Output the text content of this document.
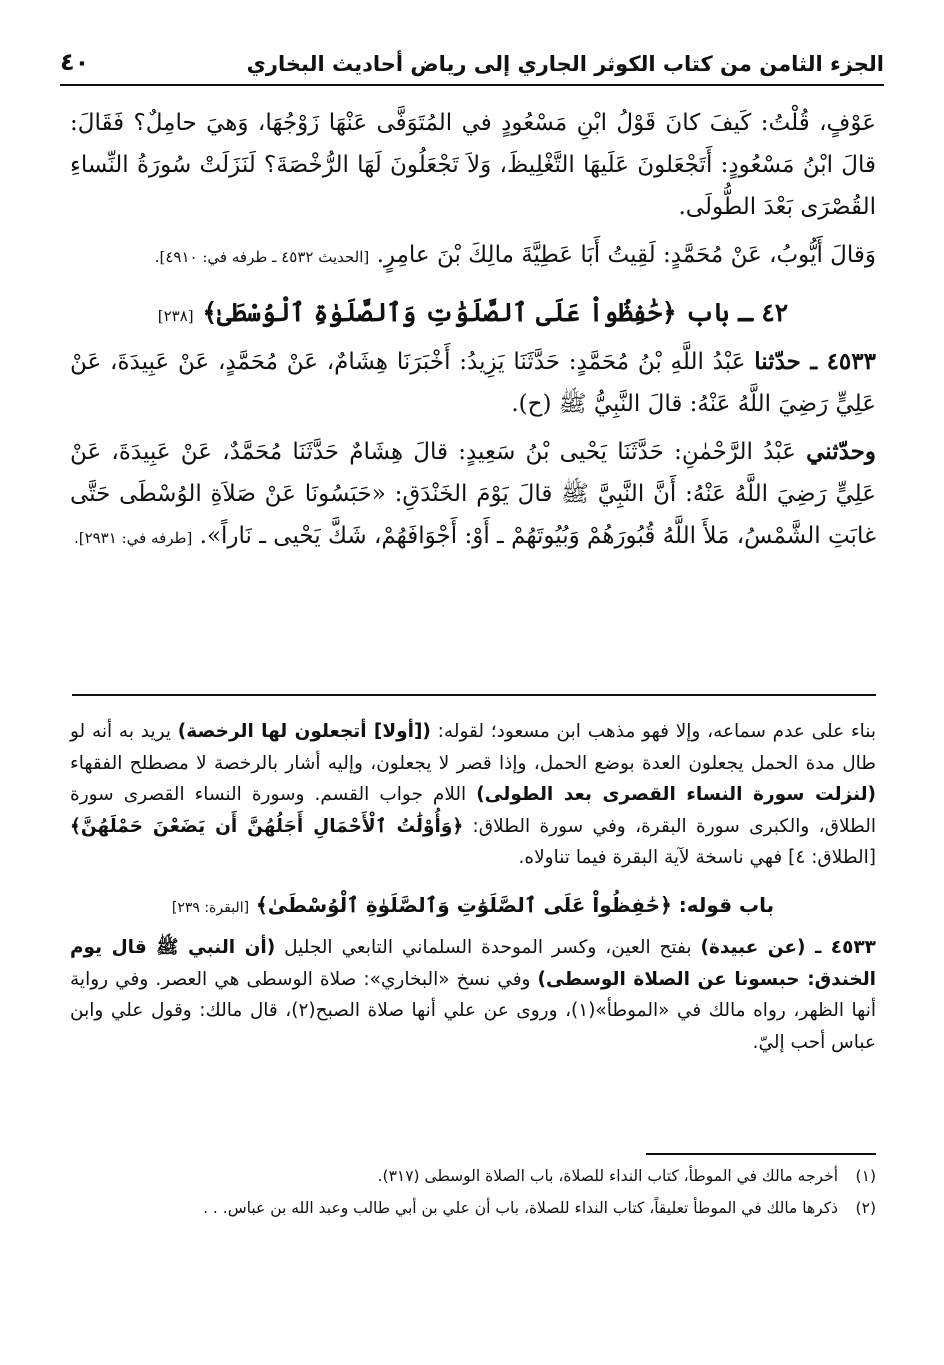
الجزء الثامن من كتاب الكوثر الجاري إلى رياض أحاديث البخاري
٤٠

عَوْفٍ، قُلْتُ: كَيفَ كانَ قَوْلُ ابْنِ مَسْعُودٍ في المُتَوَفَّى عَنْهَا زَوْجُهَا، وَهيَ حامِلٌ؟ فَقَالَ: قالَ ابْنُ مَسْعُودٍ: أَتَجْعَلونَ عَلَيهَا التَّغْلِيظَ، وَلاَ تَجْعَلُونَ لَهَا الرُّخْصَةَ؟ لَنَزَلَتْ سُورَةُ النِّساءِ القُصْرَى بَعْدَ الطُّولَى.

وَقالَ أَيُّوبُ، عَنْ مُحَمَّدٍ: لَقِيتُ أَبَا عَطِيَّةَ مالِكَ بْنَ عامِرٍ. [الحديث ٤٥٣٢ ـ طرفه في: ٤٩١٠].

٤٢ ـ باب ﴿حَٰفِظُواْ عَلَى ٱلصَّلَوَٰتِ وَٱلصَّلَوٰةِ ٱلْوُسْطَىٰ﴾ [٢٣٨]

٤٥٣٣ ـ حدّثنا عَبْدُ اللَّهِ بْنُ مُحَمَّدٍ: حَدَّثَنَا يَزِيدُ: أَخْبَرَنَا هِشَامٌ، عَنْ مُحَمَّدٍ، عَنْ عَبِيدَةَ، عَنْ عَلِيٍّ رَضِيَ اللَّهُ عَنْهُ: قالَ النَّبِيُّ ﷺ (ح).

وحدّثني عَبْدُ الرَّحْمٰنِ: حَدَّثَنَا يَحْيى بْنُ سَعِيدٍ: قالَ هِشَامٌ حَدَّثَنَا مُحَمَّدٌ، عَنْ عَبِيدَةَ، عَنْ عَلِيٍّ رَضِيَ اللَّهُ عَنْهُ: أَنَّ النَّبِيَّ ﷺ قالَ يَوْمَ الخَنْدَقِ: «حَبَسُونَا عَنْ صَلاَةِ الوُسْطَى حَتَّى غابَتِ الشَّمْسُ، مَلأَ اللَّهُ قُبُورَهُمْ وَبُيُوتَهُمْ ـ أَوْ: أَجْوَافَهُمْ، شَكَّ يَحْيى ـ نَاراً». [طرفه في: ٢٩٣١].

بناء على عدم سماعه، وإلا فهو مذهب ابن مسعود؛ لقوله: ([أولا] أتجعلون لها الرخصة) يريد به أنه لو طال مدة الحمل يجعلون العدة بوضع الحمل، وإذا قصر لا يجعلون، وإليه أشار بالرخصة لا مصطلح الفقهاء (لنزلت سورة النساء القصرى بعد الطولى) اللام جواب القسم. وسورة النساء القصرى سورة الطلاق، والكبرى سورة البقرة، وفي سورة الطلاق: ﴿وَأُوْلَٰتُ ٱلْأَحْمَالِ أَجَلُهُنَّ أَن يَضَعْنَ حَمْلَهُنَّ﴾ [الطلاق: ٤] فهي ناسخة لآية البقرة فيما تناولاه.

باب قوله: ﴿حَٰفِظُواْ عَلَى ٱلصَّلَوَٰتِ وَٱلصَّلَوٰةِ ٱلْوُسْطَىٰ﴾ [البقرة: ٢٣٩]

٤٥٣٣ ـ (عن عبيدة) بفتح العين، وكسر الموحدة السلماني التابعي الجليل (أن النبي ﷺ قال يوم الخندق: حبسونا عن الصلاة الوسطى) وفي نسخ «البخاري»: صلاة الوسطى هي العصر. وفي رواية أنها الظهر، رواه مالك في «الموطأ»(١)، وروى عن علي أنها صلاة الصبح(٢)، قال مالك: وقول علي وابن عباس أحب إليّ.

(١)
أخرجه مالك في الموطأ، كتاب النداء للصلاة، باب الصلاة الوسطى (٣١٧).
(٢)
ذكرها مالك في الموطأ تعليقاً، كتاب النداء للصلاة، باب أن علي بن أبي طالب وعبد الله بن عباس. . .
